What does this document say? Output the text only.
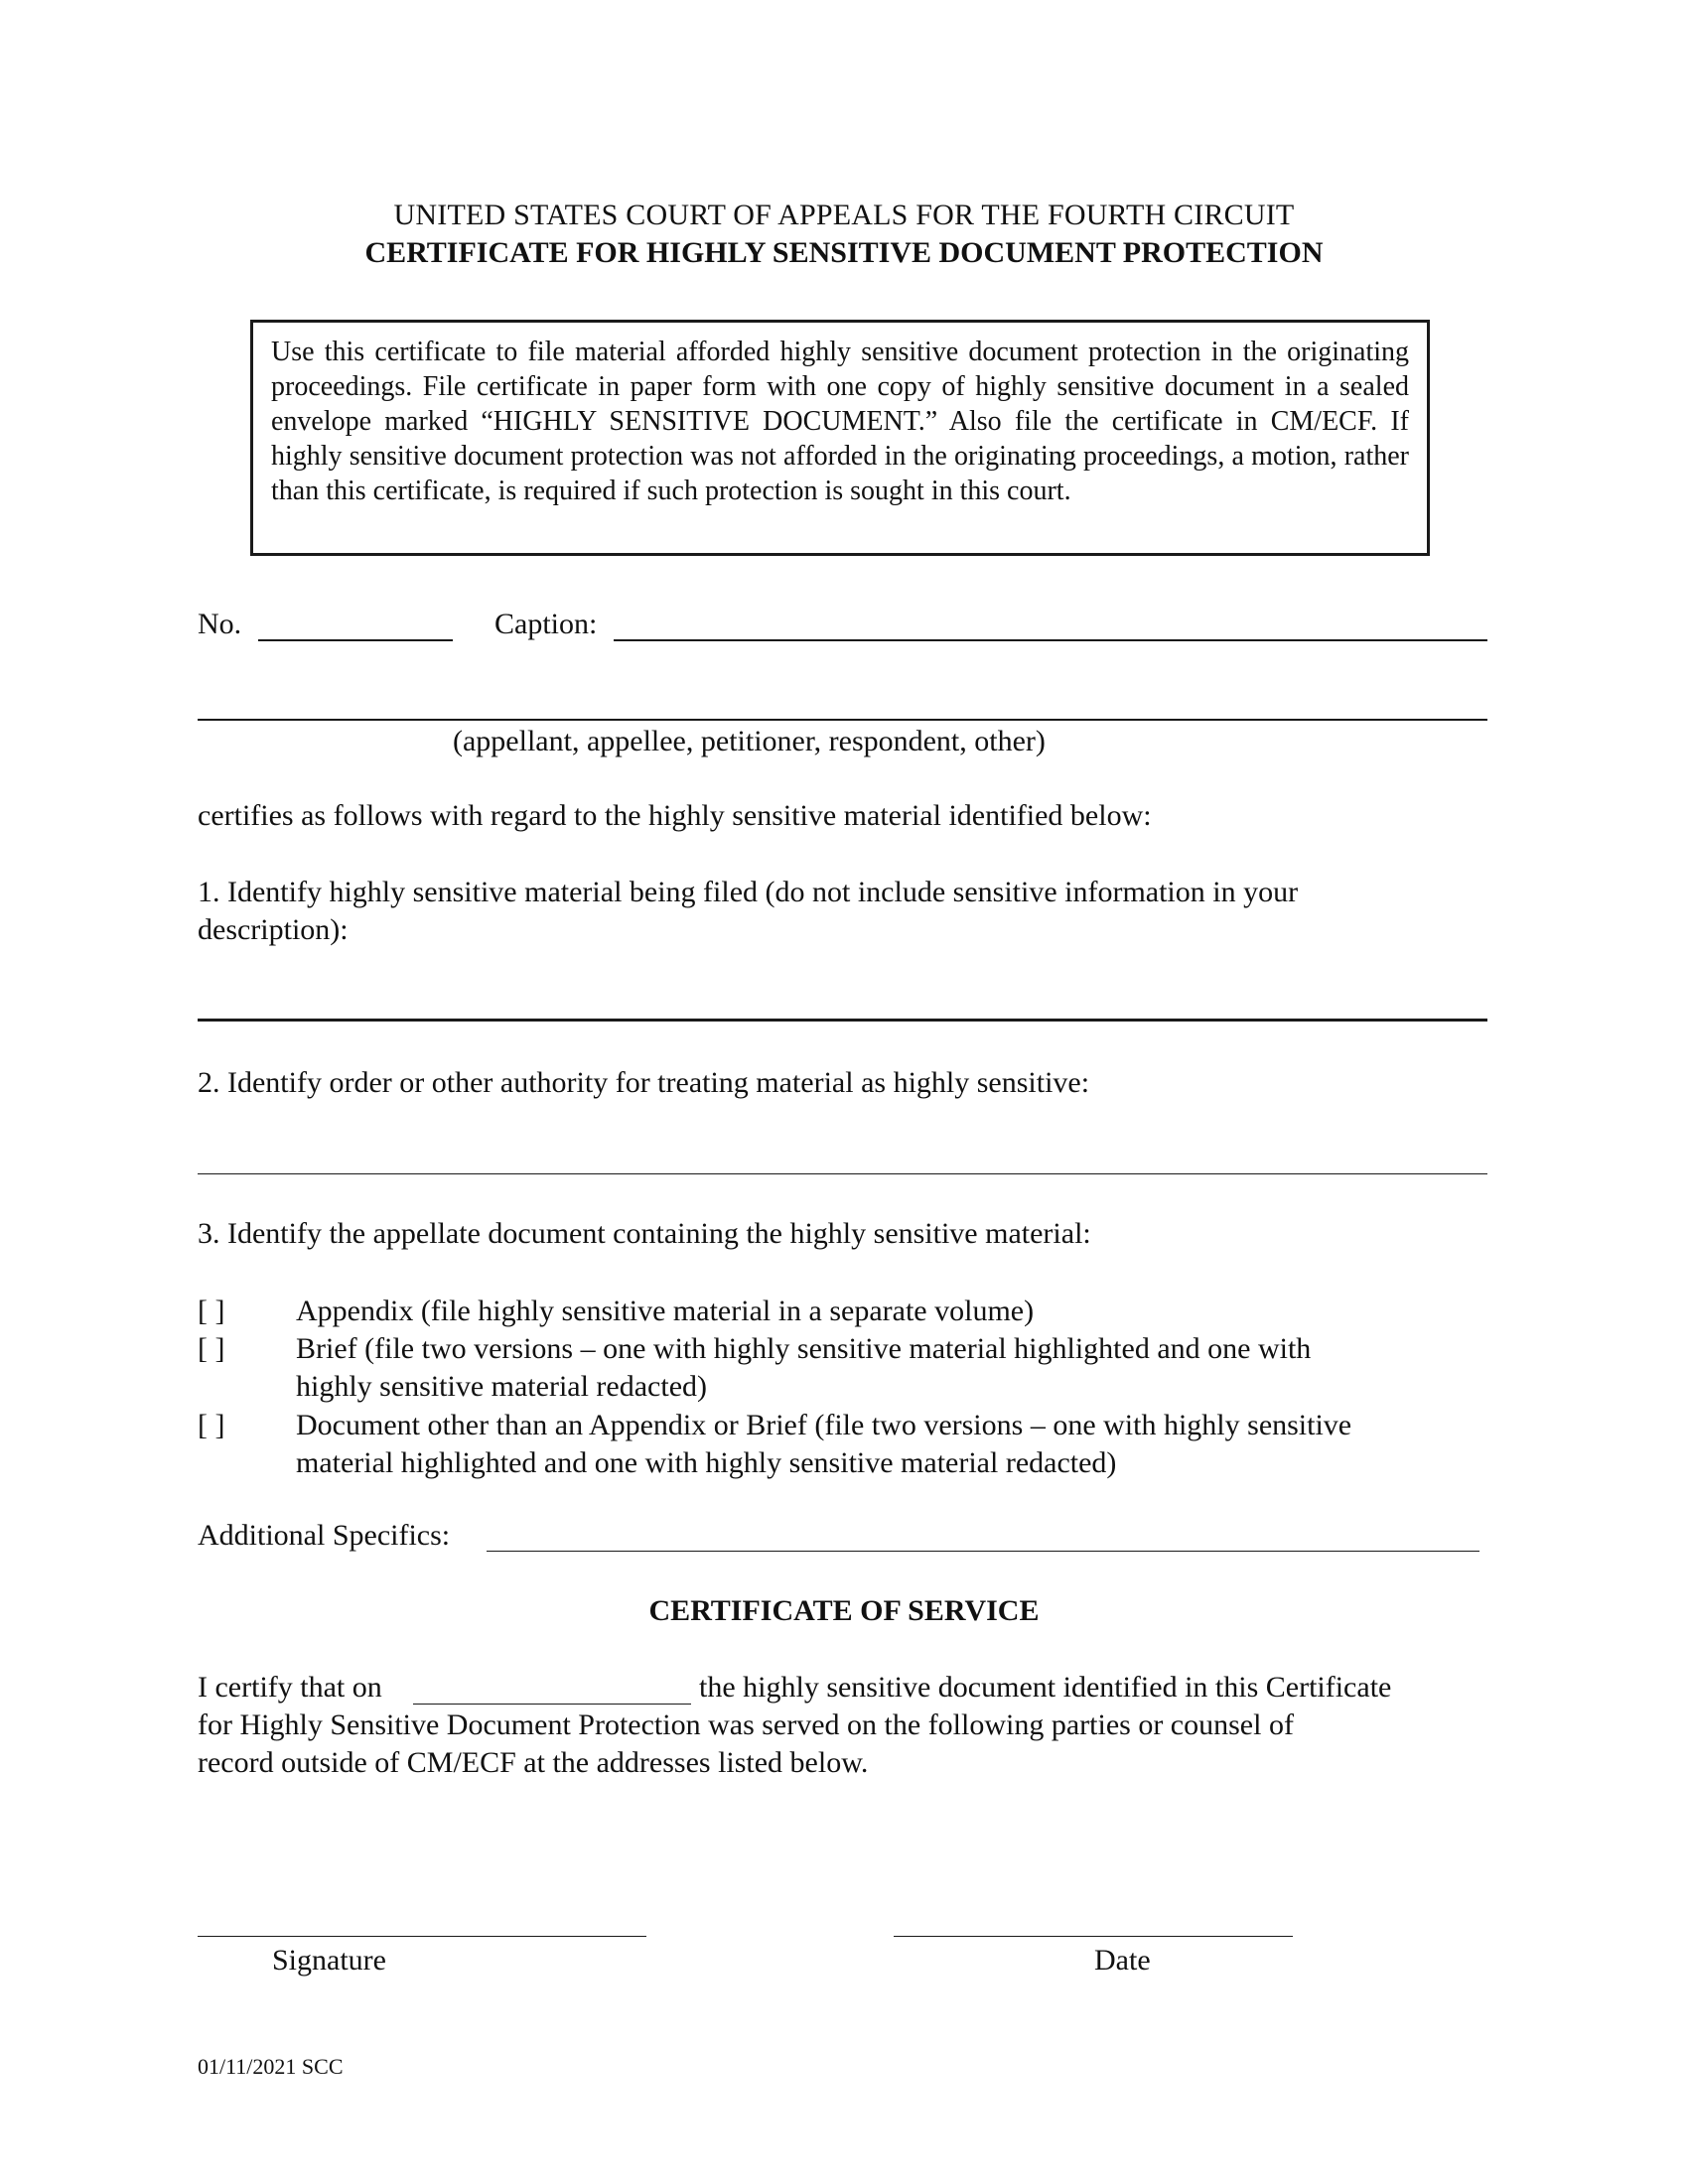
UNITED STATES COURT OF APPEALS FOR THE FOURTH CIRCUIT
CERTIFICATE FOR HIGHLY SENSITIVE DOCUMENT PROTECTION

Use this certificate to file material afforded highly sensitive document protection in the originating proceedings. File certificate in paper form with one copy of highly sensitive document in a sealed envelope marked “HIGHLY SENSITIVE DOCUMENT.” Also file the certificate in CM/ECF. If highly sensitive document protection was not afforded in the originating proceedings, a motion, rather than this certificate, is required if such protection is sought in this court.

No.	Caption:
(appellant, appellee, petitioner, respondent, other)
certifies as follows with regard to the highly sensitive material identified below:
1. Identify highly sensitive material being filed (do not include sensitive information in your
description):
2. Identify order or other authority for treating material as highly sensitive:
3. Identify the appellate document containing the highly sensitive material:
[ ] Appendix (file highly sensitive material in a separate volume)
[ ] Brief (file two versions – one with highly sensitive material highlighted and one with
highly sensitive material redacted)
[ ] Document other than an Appendix or Brief (file two versions – one with highly sensitive
material highlighted and one with highly sensitive material redacted)
Additional Specifics:
CERTIFICATE OF SERVICE
I certify that on	the highly sensitive document identified in this Certificate
for Highly Sensitive Document Protection was served on the following parties or counsel of
record outside of CM/ECF at the addresses listed below.
Signature	Date
01/11/2021 SCC
